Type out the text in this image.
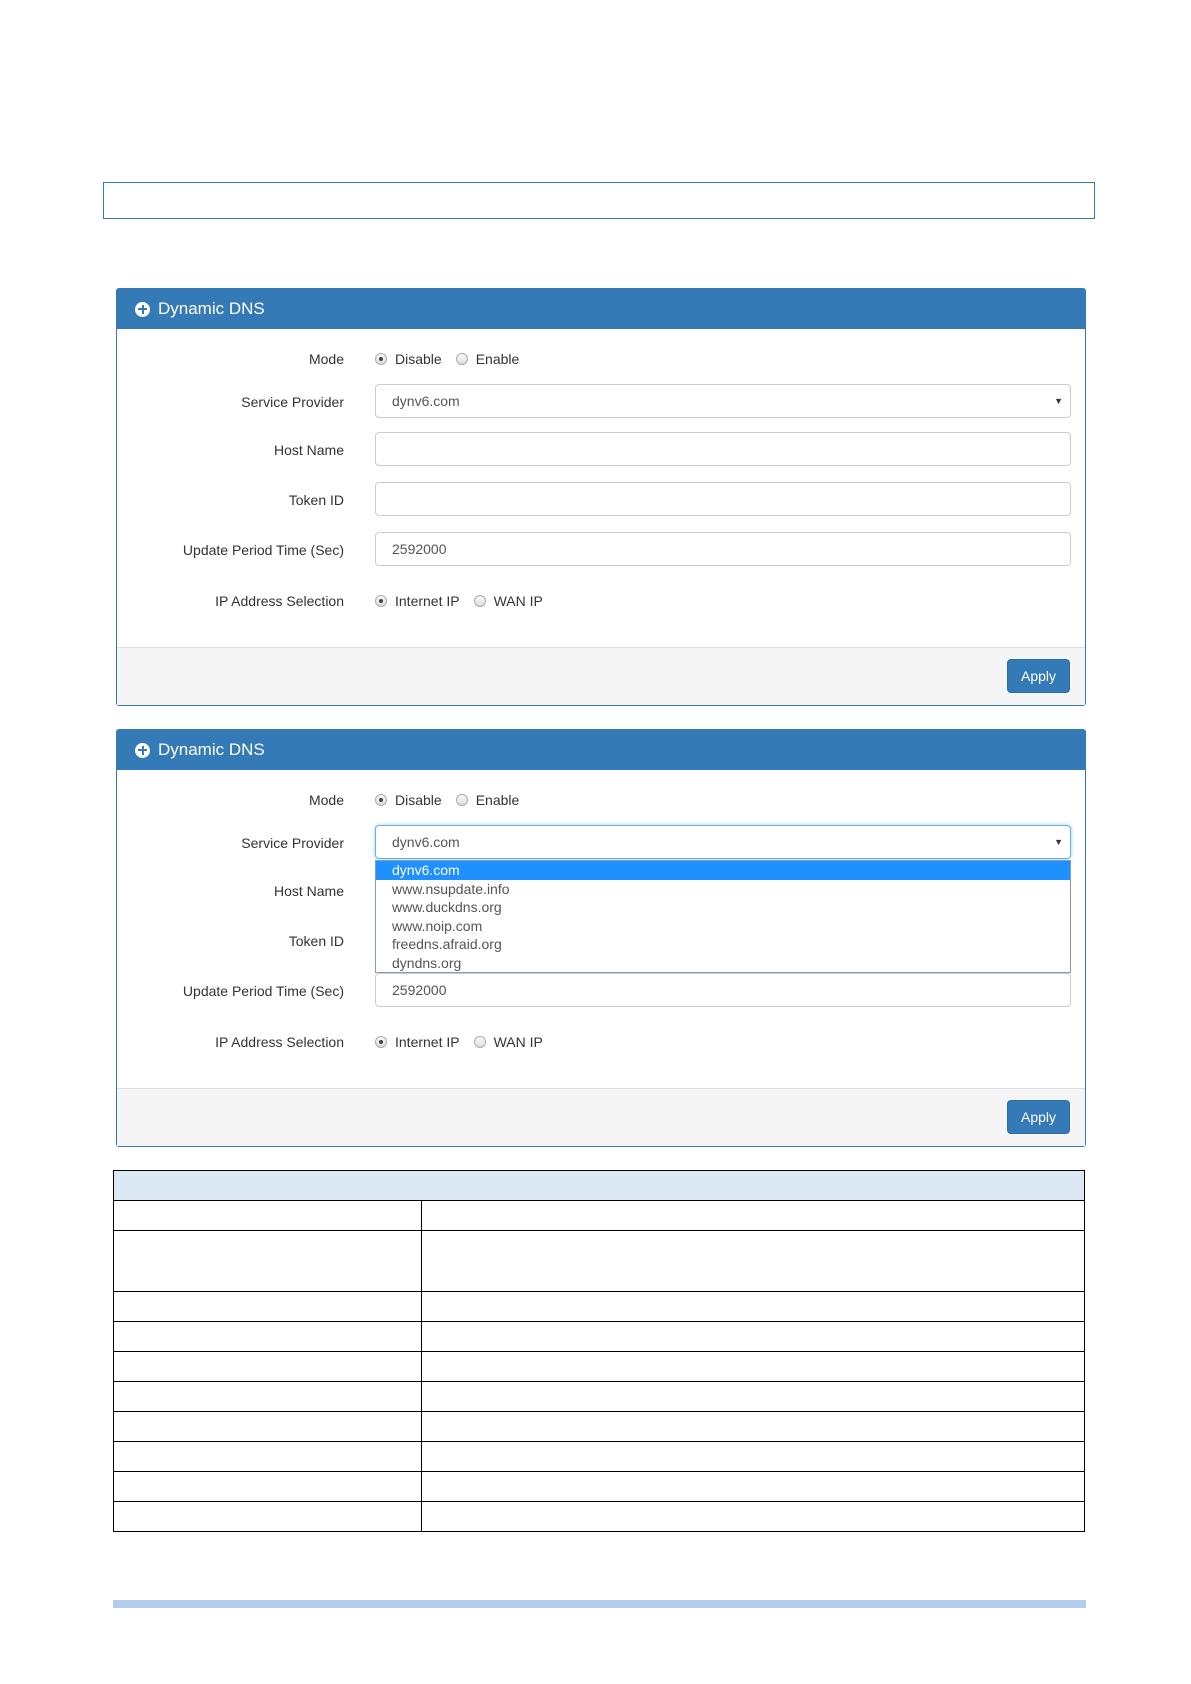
Dynamic DNS
Mode	Disable Enable
Service Provider	dynv6.com	▼
Host Name
Token ID
Update Period Time (Sec)	2592000
IP Address Selection	Internet IP WAN IP
Apply
Dynamic DNS
Mode	Disable Enable
Service Provider	dynv6.com	▼
dynv6.com
www.nsupdate.info
www.duckdns.org
www.noip.com
freedns.afraid.org
dyndns.org
Host Name
Token ID
Update Period Time (Sec)	2592000
IP Address Selection	Internet IP WAN IP
Apply
